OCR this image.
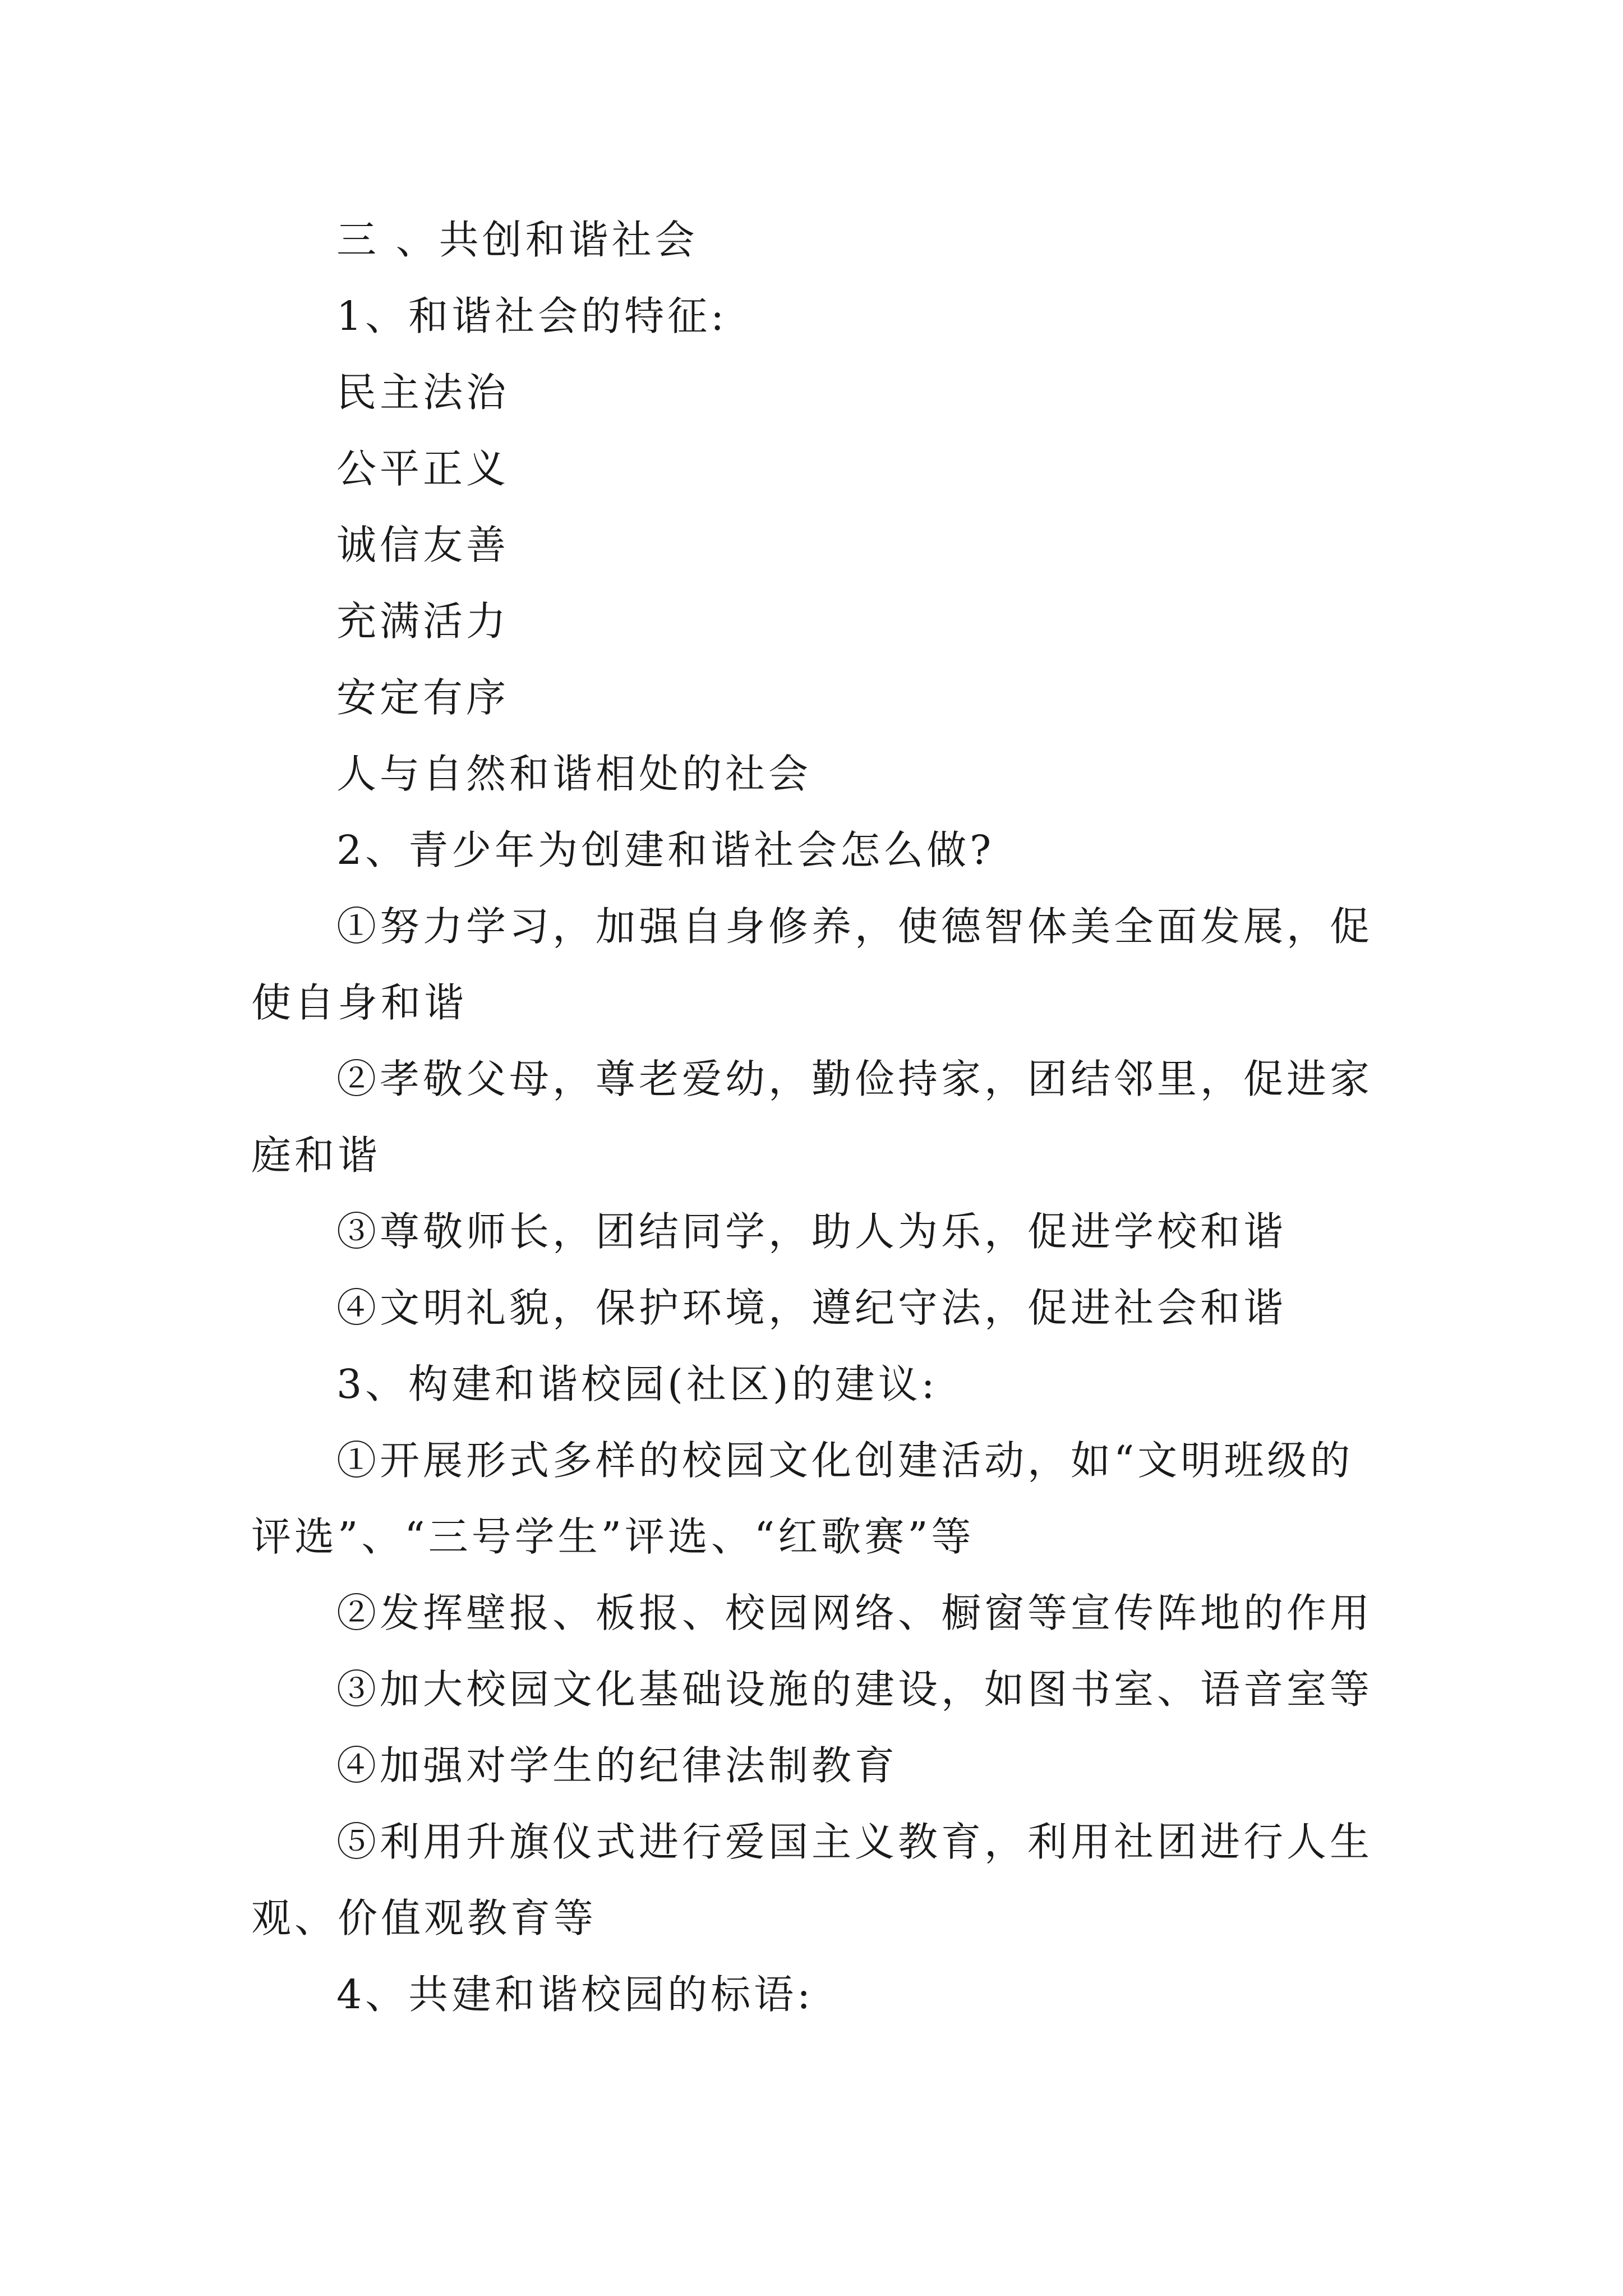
三 、共创和谐社会

1、和谐社会的特征:

民主法治

公平正义

诚信友善

充满活力

安定有序

人与自然和谐相处的社会

2、青少年为创建和谐社会怎么做?

①努力学习，加强自身修养，使德智体美全面发展，促使自身和谐

②孝敬父母，尊老爱幼，勤俭持家，团结邻里，促进家庭和谐

③尊敬师长，团结同学，助人为乐，促进学校和谐

④文明礼貌，保护环境，遵纪守法，促进社会和谐

3、构建和谐校园(社区)的建议:

①开展形式多样的校园文化创建活动，如“文明班级的评选”、“三号学生”评选、“红歌赛”等

②发挥壁报、板报、校园网络、橱窗等宣传阵地的作用

③加大校园文化基础设施的建设，如图书室、语音室等

④加强对学生的纪律法制教育

⑤利用升旗仪式进行爱国主义教育，利用社团进行人生观、价值观教育等

4、共建和谐校园的标语:
